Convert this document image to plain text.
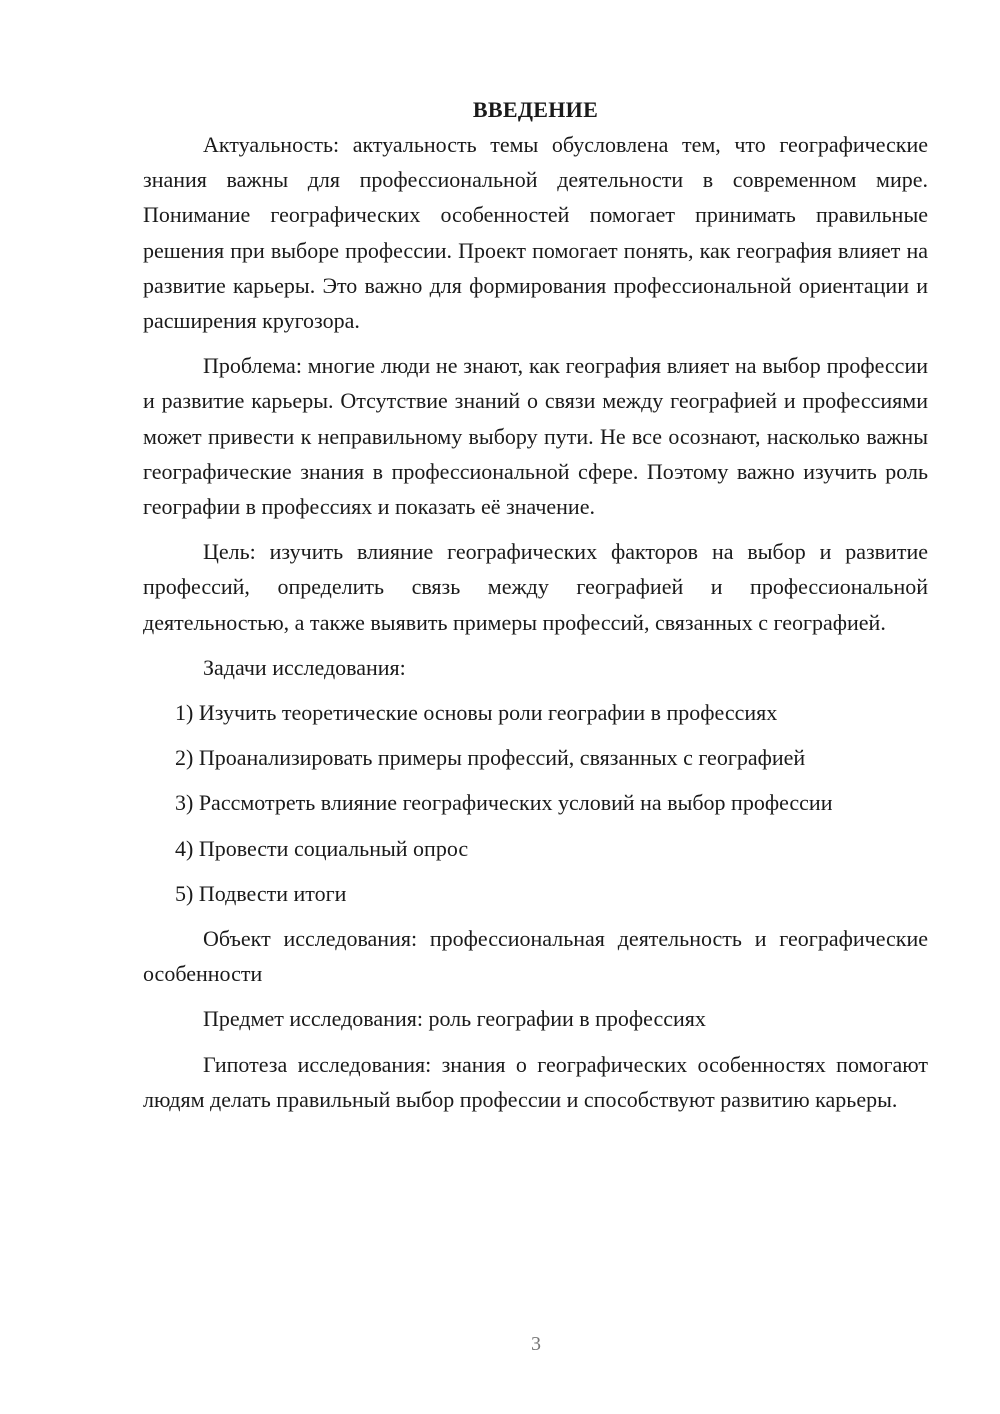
ВВЕДЕНИЕ

Актуальность: актуальность темы обусловлена тем, что географические знания важны для профессиональной деятельности в современном мире. Понимание географических особенностей помогает принимать правильные решения при выборе профессии. Проект помогает понять, как география влияет на развитие карьеры. Это важно для формирования профессиональной ориентации и расширения кругозора.

Проблема: многие люди не знают, как география влияет на выбор профессии и развитие карьеры. Отсутствие знаний о связи между географией и профессиями может привести к неправильному выбору пути. Не все осознают, насколько важны географические знания в профессиональной сфере. Поэтому важно изучить роль географии в профессиях и показать её значение.

Цель: изучить влияние географических факторов на выбор и развитие профессий, определить связь между географией и профессиональной деятельностью, а также выявить примеры профессий, связанных с географией.

Задачи исследования:

1) Изучить теоретические основы роли географии в профессиях
2) Проанализировать примеры профессий, связанных с географией
3) Рассмотреть влияние географических условий на выбор профессии
4) Провести социальный опрос
5) Подвести итоги

Объект исследования: профессиональная деятельность и географические особенности

Предмет исследования: роль географии в профессиях

Гипотеза исследования: знания о географических особенностях помогают людям делать правильный выбор профессии и способствуют развитию карьеры.

3
